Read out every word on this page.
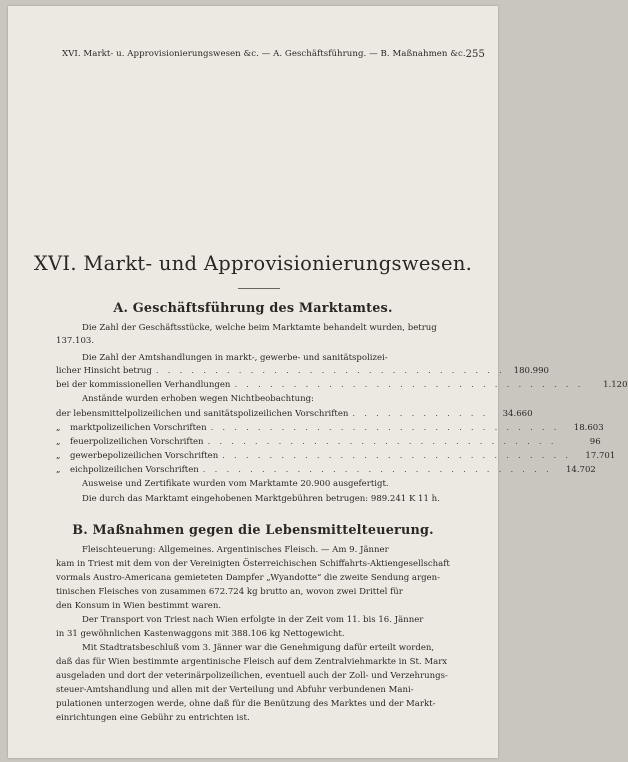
XVI. Markt- u. Approvisionierungswesen &c. — A. Geschäftsführung. — B. Maßnahmen &c. 255
XVI. Markt- und Approvisionierungswesen.
A. Geschäftsführung des Marktamtes.
Die Zahl der Geschäftsstücke, welche beim Marktamte behandelt wurden, betrug
137.103.
Die Zahl der Amtshandlungen in markt-, gewerbe- und sanitätspolizei-
licher Hinsicht betrug . . . . . . . . . . . . . . . . . . . . . . . . . . . . . .	180.990
bei der kommissionellen Verhandlungen . . . . . . . . . . . . . . . . . . . . . . . . . . . . . .	1.120
Anstände wurden erhoben wegen Nichtbeobachtung:
der lebensmittelpolizeilichen und sanitätspolizeilichen Vorschriften . . . . . . . . . . . .	34.660
„ marktpolizeilichen Vorschriften . . . . . . . . . . . . . . . . . . . . . . . . . . . . . .	18.603
„ feuerpolizeilichen Vorschriften . . . . . . . . . . . . . . . . . . . . . . . . . . . . . .	96
„ gewerbepolizeilichen Vorschriften . . . . . . . . . . . . . . . . . . . . . . . . . . . . . .	17.701
„ eichpolizeilichen Vorschriften . . . . . . . . . . . . . . . . . . . . . . . . . . . . . .	14.702
Ausweise und Zertifikate wurden vom Marktamte 20.900 ausgefertigt.
Die durch das Marktamt eingehobenen Marktgebühren betrugen: 989.241 K 11 h.
B. Maßnahmen gegen die Lebensmittelteuerung.
Fleischteuerung: Allgemeines. Argentinisches Fleisch. — Am 9. Jänner
kam in Triest mit dem von der Vereinigten Österreichischen Schiffahrts-Aktiengesellschaft
vormals Austro-Americana gemieteten Dampfer „Wyandotte“ die zweite Sendung argen-
tinischen Fleisches von zusammen 672.724 kg brutto an, wovon zwei Drittel für
den Konsum in Wien bestimmt waren.
Der Transport von Triest nach Wien erfolgte in der Zeit vom 11. bis 16. Jänner
in 31 gewöhnlichen Kastenwaggons mit 388.106 kg Nettogewicht.
Mit Stadtratsbeschluß vom 3. Jänner war die Genehmigung dafür erteilt worden,
daß das für Wien bestimmte argentinische Fleisch auf dem Zentralviehmarkte in St. Marx
ausgeladen und dort der veterinärpolizeilichen, eventuell auch der Zoll- und Verzehrungs-
steuer-Amtshandlung und allen mit der Verteilung und Abfuhr verbundenen Mani-
pulationen unterzogen werde, ohne daß für die Benützung des Marktes und der Markt-
einrichtungen eine Gebühr zu entrichten ist.
